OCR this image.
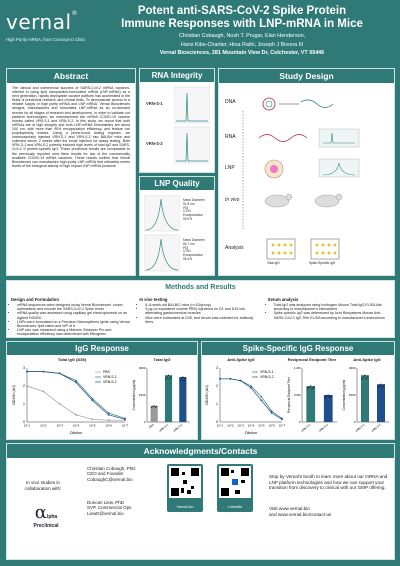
vernal®
High Purity mRNA, from Concept to Clinic
Potent anti-SARS-CoV-2 Spike Protein
Immune Responses with LNP-mRNA in Mice
Christian Cobaugh, Nosh T. Prugar, Elan Henderson,
Hans Kibe-Chartier, Hina Rathi, Joseph J Bivona III
Vernal Biosciences, 281 Mountain View Dr, Colchester, VT 05446
Abstract
The clinical and commercial success of SARS-CoV-2 mRNA vaccines, inferred in using lipid nanoparticle-formulated mRNA (LNP-mRNA) as a next generation, rapidly deployable vaccine platform has accelerated in the fields of preclinical research and clinical trials. To demonstrate access to a reliable supply of high purity mRNA and LNP-mRNA, Vernal Biosciences designs, manufactures and formulates LNP-mRNA as an on-demand service for all stages of research and development. In order to validate our platform technologies, we manufactured two mRNA COVID-19 vaccine mimics called VRN-S-1 and VRN-S-2. In this study, we report that both mRNAs are of high integrity and both LNP-mRNA formulations are about 100 nm, with more than 90% encapsulation efficiency, and feature low polydispersity indices. Using a prime-boost dosing regimen, we intramuscularly injected VRN-S-1 and VRN-S-2 into BALB/c mice and collected serum 2 weeks after the boost injection for assay testing. Both VRN-S-1 and VRN-S-2 potently induced high levels of total IgG and SARS-CoV-2 S protein-specific IgG. These preclinical results are comparable to the previously reported sera titers results for two of the commercially available COVID-19 mRNA vaccines. These results confirm that Vernal Biosciences can manufacture high-purity LNP-mRNA that ultimately meets levels of the biological activity of high impact LNP-mRNA products.
RNA Integrity
VRN-S-1
VRN-S-2
LNP Quality
Mean Diameter
91.8 nm
PDI
0.100
Encapsulation
95.9%
Mean Diameter
86.7 nm
PDI
0.091
Encapsulation
95.4%
Study Design
DNA
RNA
LNP
In vivo
Analysis
Total IgG	Spike-Specific IgG
Methods and Results
Design and Formulation
• mRNA sequences were designed using Vernal Biosciences' codon optimization and encode the SARS-CoV-2 Spike trimer
• mRNA quality was assessed using capillary gel electrophoresis on an Agilent FA5200
• LNPs were formulated on a Precision Nanosystems Ignite using Vernal Biosciences' lipid ratios and N/P of 6
• LNP size was measured using a Malvern Zetasizer Pro and encapsulation efficiency was determined with Ribogreen
In vivo testing
• 6–8-week-old BALB/C mice (n=10/group)
• 5 µg (or equivalent volume PBS) injections on D1 and D15 into alternating gastrocnemius muscles
• Mice were euthanized at D35, and serum was collected for antibody titers.
Serum analysis
• Total IgG was analyzed using Invitrogen Mouse Total IgG ELISA kits according to manufacturer's instructions
• Spike-specific IgG was determined by Acro Biosystems Mouse Anti-SARS-CoV-2 IgG Titer ELISA according to manufacturer's instructions
IgG Response
Total IgG (D35)	Total IgG
0
1
2
3
10^1	10^2	10^3	10^4	10^5	10^6	10^7
Dilution
OD450 (AU)
PBS
VRN-S-1
VRN-S-2
0
1500
3000
PBS VRN-S-1 VRN-S-2
Concentration (µg/ml)
Spike-Specific IgG Response
Anti-Spike IgG	Reciprocal Endpoint Titer	Anti-Spike IgG
0
1
2
3
10^1 10^2 10^3 10^4 10^5 10^6 10^7
Dilution
OD450 (AU)
VRN-S-1
VRN-S-2
0
0.6M
1.2M
VRN-S-1 VRN-S-2
Reciprocal Endpoint Titer
0
1500
3000
VRN-S-1 VRN-S-2
Concentration (µg/ml)
Acknowledgments/Contacts
In vivo studies in collaboration with:
αlpha
Preclinical
Christian Cobaugh, PhD
CEO and Founder
CobaughC@vernal.bio
Duncan Liew, PhD
SVP, Commercial Ops
LiewD@vernal.bio
Vernal.bio	LinkedIn
Stop by Vernal's booth to learn more about our mRNA and LNP platform technologies and how we can support your transition from discovery to clinical with our GMP offering.
Visit www.vernal.bio
and www.vernal.bio/contact-us
